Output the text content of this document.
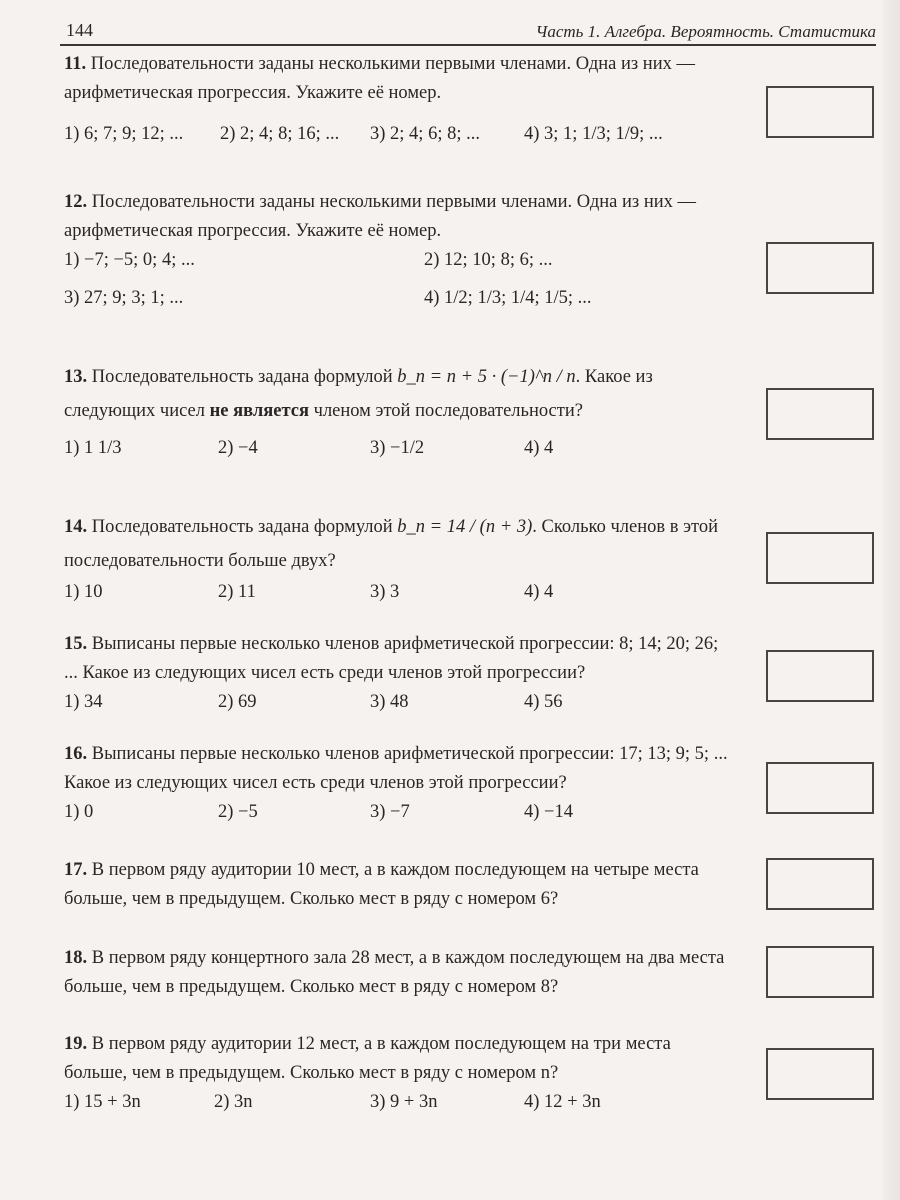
144	Часть 1. Алгебра. Вероятность. Статистика
11. Последовательности заданы несколькими первыми членами. Одна из них — арифметическая прогрессия. Укажите её номер.
1) 6; 7; 9; 12; ... 2) 2; 4; 8; 16; ... 3) 2; 4; 6; 8; ... 4) 3; 1; 1/3; 1/9; ...
12. Последовательности заданы несколькими первыми членами. Одна из них — арифметическая прогрессия. Укажите её номер.
1) −7; −5; 0; 4; ...	2) 12; 10; 8; 6; ...
3) 27; 9; 3; 1; ...	4) 1/2; 1/3; 1/4; 1/5; ...
13. Последовательность задана формулой b_n = n + 5 · (−1)^n / n. Какое из следующих чисел не является членом этой последовательности?
1) 1 1/3	2) −4	3) −1/2	4) 4
14. Последовательность задана формулой b_n = 14 / (n + 3). Сколько членов в этой последовательности больше двух?
1) 10	2) 11	3) 3	4) 4
15. Выписаны первые несколько членов арифметической прогрессии: 8; 14; 20; 26; ... Какое из следующих чисел есть среди членов этой прогрессии?
1) 34	2) 69	3) 48	4) 56
16. Выписаны первые несколько членов арифметической прогрессии: 17; 13; 9; 5; ... Какое из следующих чисел есть среди членов этой прогрессии?
1) 0	2) −5	3) −7	4) −14
17. В первом ряду аудитории 10 мест, а в каждом последующем на четыре места больше, чем в предыдущем. Сколько мест в ряду с номером 6?
18. В первом ряду концертного зала 28 мест, а в каждом последующем на два места больше, чем в предыдущем. Сколько мест в ряду с номером 8?
19. В первом ряду аудитории 12 мест, а в каждом последующем на три места больше, чем в предыдущем. Сколько мест в ряду с номером n?
1) 15 + 3n	2) 3n	3) 9 + 3n	4) 12 + 3n
